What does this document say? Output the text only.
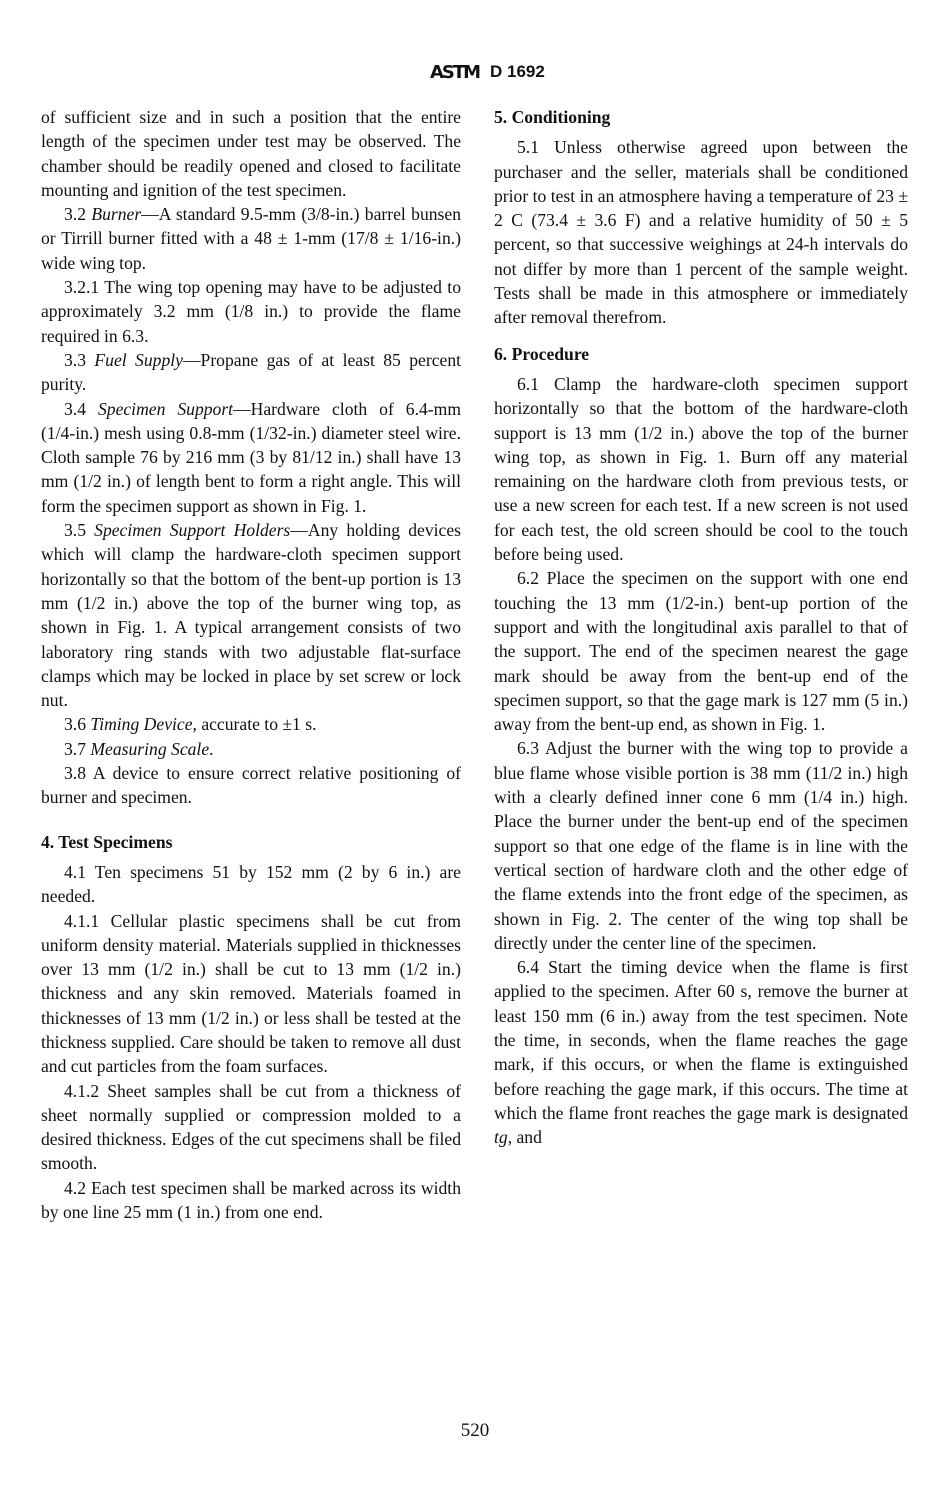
ASTM D 1692

of sufficient size and in such a position that the entire length of the specimen under test may be observed. The chamber should be readily opened and closed to facilitate mounting and ignition of the test specimen.

3.2 Burner—A standard 9.5-mm (3/8-in.) barrel bunsen or Tirrill burner fitted with a 48 ± 1-mm (17/8 ± 1/16-in.) wide wing top.

3.2.1 The wing top opening may have to be adjusted to approximately 3.2 mm (1/8 in.) to provide the flame required in 6.3.

3.3 Fuel Supply—Propane gas of at least 85 percent purity.

3.4 Specimen Support—Hardware cloth of 6.4-mm (1/4-in.) mesh using 0.8-mm (1/32-in.) diameter steel wire. Cloth sample 76 by 216 mm (3 by 81/12 in.) shall have 13 mm (1/2 in.) of length bent to form a right angle. This will form the specimen support as shown in Fig. 1.

3.5 Specimen Support Holders—Any holding devices which will clamp the hardware-cloth specimen support horizontally so that the bottom of the bent-up portion is 13 mm (1/2 in.) above the top of the burner wing top, as shown in Fig. 1. A typical arrangement consists of two laboratory ring stands with two adjustable flat-surface clamps which may be locked in place by set screw or lock nut.

3.6 Timing Device, accurate to ±1 s.

3.7 Measuring Scale.

3.8 A device to ensure correct relative positioning of burner and specimen.

4. Test Specimens

4.1 Ten specimens 51 by 152 mm (2 by 6 in.) are needed.

4.1.1 Cellular plastic specimens shall be cut from uniform density material. Materials supplied in thicknesses over 13 mm (1/2 in.) shall be cut to 13 mm (1/2 in.) thickness and any skin removed. Materials foamed in thicknesses of 13 mm (1/2 in.) or less shall be tested at the thickness supplied. Care should be taken to remove all dust and cut particles from the foam surfaces.

4.1.2 Sheet samples shall be cut from a thickness of sheet normally supplied or compression molded to a desired thickness. Edges of the cut specimens shall be filed smooth.

4.2 Each test specimen shall be marked across its width by one line 25 mm (1 in.) from one end.

5. Conditioning

5.1 Unless otherwise agreed upon between the purchaser and the seller, materials shall be conditioned prior to test in an atmosphere having a temperature of 23 ± 2 C (73.4 ± 3.6 F) and a relative humidity of 50 ± 5 percent, so that successive weighings at 24-h intervals do not differ by more than 1 percent of the sample weight. Tests shall be made in this atmosphere or immediately after removal therefrom.

6. Procedure

6.1 Clamp the hardware-cloth specimen support horizontally so that the bottom of the hardware-cloth support is 13 mm (1/2 in.) above the top of the burner wing top, as shown in Fig. 1. Burn off any material remaining on the hardware cloth from previous tests, or use a new screen for each test. If a new screen is not used for each test, the old screen should be cool to the touch before being used.

6.2 Place the specimen on the support with one end touching the 13 mm (1/2-in.) bent-up portion of the support and with the longitudinal axis parallel to that of the support. The end of the specimen nearest the gage mark should be away from the bent-up end of the specimen support, so that the gage mark is 127 mm (5 in.) away from the bent-up end, as shown in Fig. 1.

6.3 Adjust the burner with the wing top to provide a blue flame whose visible portion is 38 mm (11/2 in.) high with a clearly defined inner cone 6 mm (1/4 in.) high. Place the burner under the bent-up end of the specimen support so that one edge of the flame is in line with the vertical section of hardware cloth and the other edge of the flame extends into the front edge of the specimen, as shown in Fig. 2. The center of the wing top shall be directly under the center line of the specimen.

6.4 Start the timing device when the flame is first applied to the specimen. After 60 s, remove the burner at least 150 mm (6 in.) away from the test specimen. Note the time, in seconds, when the flame reaches the gage mark, if this occurs, or when the flame is extinguished before reaching the gage mark, if this occurs. The time at which the flame front reaches the gage mark is designated tg, and

520
